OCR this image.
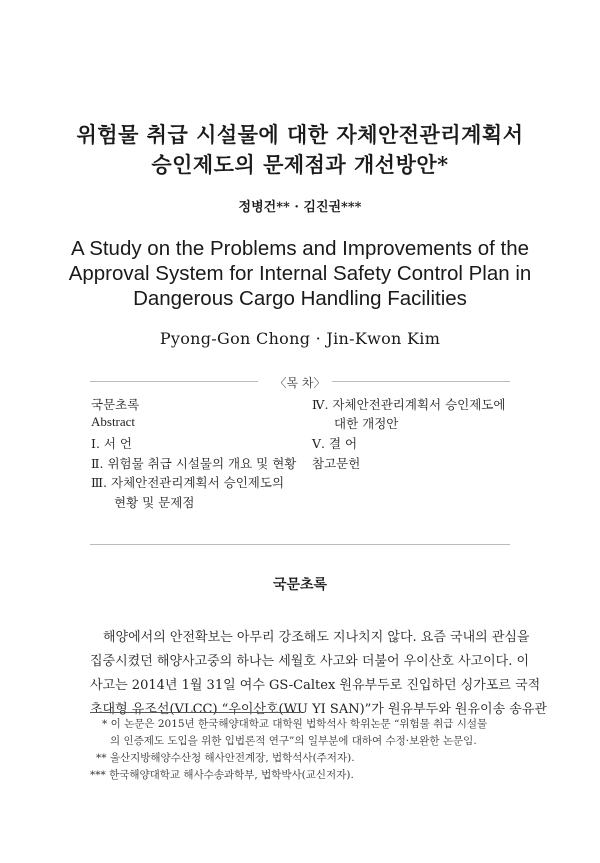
위험물 취급 시설물에 대한 자체안전관리계획서
승인제도의 문제점과 개선방안*
정병건** · 김진권***
A Study on the Problems and Improvements of the
Approval System for Internal Safety Control Plan in
Dangerous Cargo Handling Facilities
Pyong-Gon Chong · Jin-Kwon Kim
〈목 차〉
국문초록
Abstract
Ⅰ. 서 언
Ⅱ. 위험물 취급 시설물의 개요 및 현황
Ⅲ. 자체안전관리계획서 승인제도의
현황 및 문제점
Ⅳ. 자체안전관리계획서 승인제도에
대한 개정안
Ⅴ. 결 어
참고문헌
국문초록
해양에서의 안전확보는 아무리 강조해도 지나치지 않다. 요즘 국내의 관심을
집중시켰던 해양사고중의 하나는 세월호 사고와 더불어 우이산호 사고이다. 이
사고는 2014년 1월 31일 여수 GS-Caltex 원유부두로 진입하던 싱가포르 국적
초대형 유조선(VLCC) “우이산호(WU YI SAN)”가 원유부두와 원유이송 송유관
* 이 논문은 2015년 한국해양대학교 대학원 법학석사 학위논문 “위험물 취급 시설물
의 인증제도 도입을 위한 입법론적 연구”의 일부분에 대하여 수정·보완한 논문임.
** 울산지방해양수산청 해사안전계장, 법학석사(주저자).
*** 한국해양대학교 해사수송과학부, 법학박사(교신저자).
